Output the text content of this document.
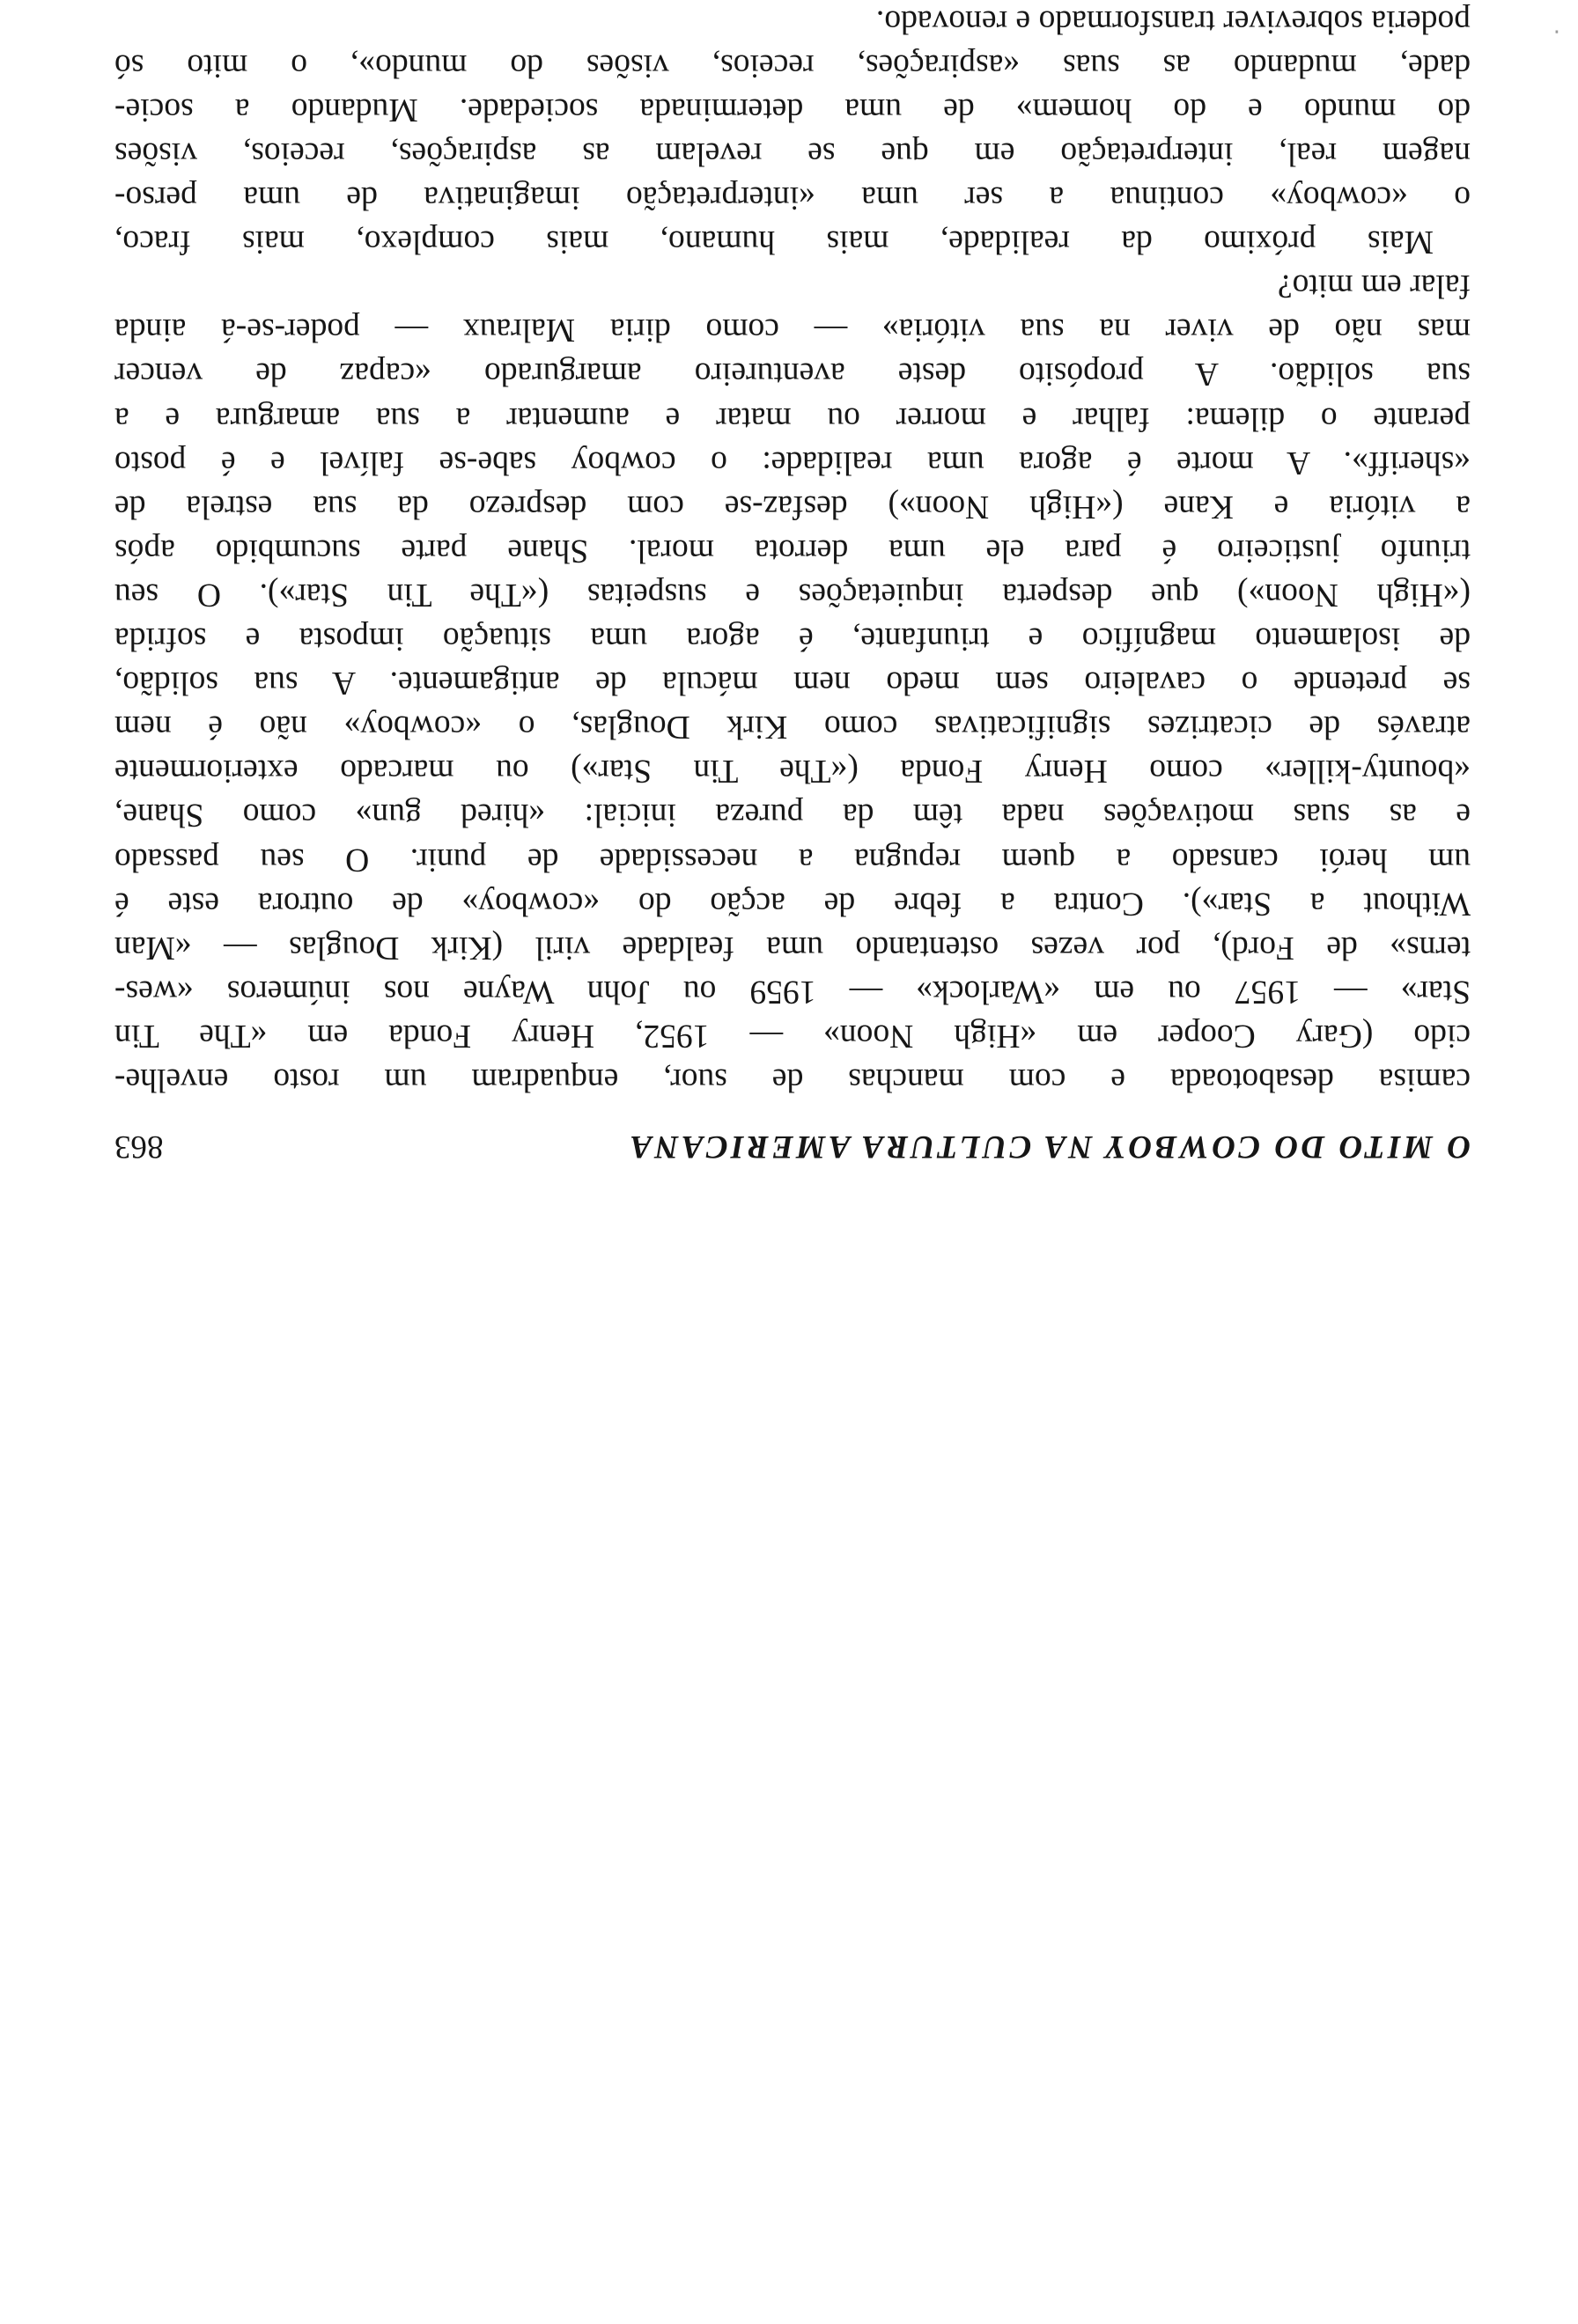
·
O MITO DO COWBOY NA CULTURA AMERICANA
863
camisa desabotoada e com manchas de suor, enquadram um rosto envelhe-
cido (Gary Cooper em «High Noon» — 1952, Henry Fonda em «The Tin
Star» — 1957 ou em «Warlock» — 1959 ou John Wayne nos inúmeros «wes-
terns» de Ford), por vezes ostentando uma fealdade viril (Kirk Douglas — «Man
Without a Star»). Contra a febre de acção do «cowboy» de outrora este é
um herói cansado a quem repugna a necessidade de punir. O seu passado
e as suas motivações nada têm da pureza inicial: «hired gun» como Shane,
«bounty-killer» como Henry Fonda («The Tin Star») ou marcado exteriormente
através de cicatrizes significativas como Kirk Douglas, o «cowboy» não é nem
se pretende o cavaleiro sem medo nem mácula de antigamente. A sua solidão,
de isolamento magnífico e triunfante, é agora uma situação imposta e sofrida
(«High Noon») que desperta inquietações e suspeitas («The Tin Star»). O seu
triunfo justiceiro é para ele uma derrota moral. Shane parte sucumbido após
a vitória e Kane («High Noon») desfaz-se com desprezo da sua estrela de
«sheriff». A morte é agora uma realidade: o cowboy sabe-se falível e é posto
perante o dilema: falhar e morrer ou matar e aumentar a sua amargura e a
sua solidão. A propósito deste aventureiro amargurado «capaz de vencer
mas não de viver na sua vitória» — como diria Malraux — poder-se-á ainda
falar em mito?
Mais próximo da realidade, mais humano, mais complexo, mais fraco,
o «cowboy» continua a ser uma «interpretação imaginativa de uma perso-
nagem real, interpretação em que se revelam as aspirações, receios, visões
do mundo e do homem» de uma determinada sociedade. Mudando a socie-
dade, mudando as suas «aspirações, receios, visões do mundo», o mito só
poderia sobreviver transformado e renovado.
